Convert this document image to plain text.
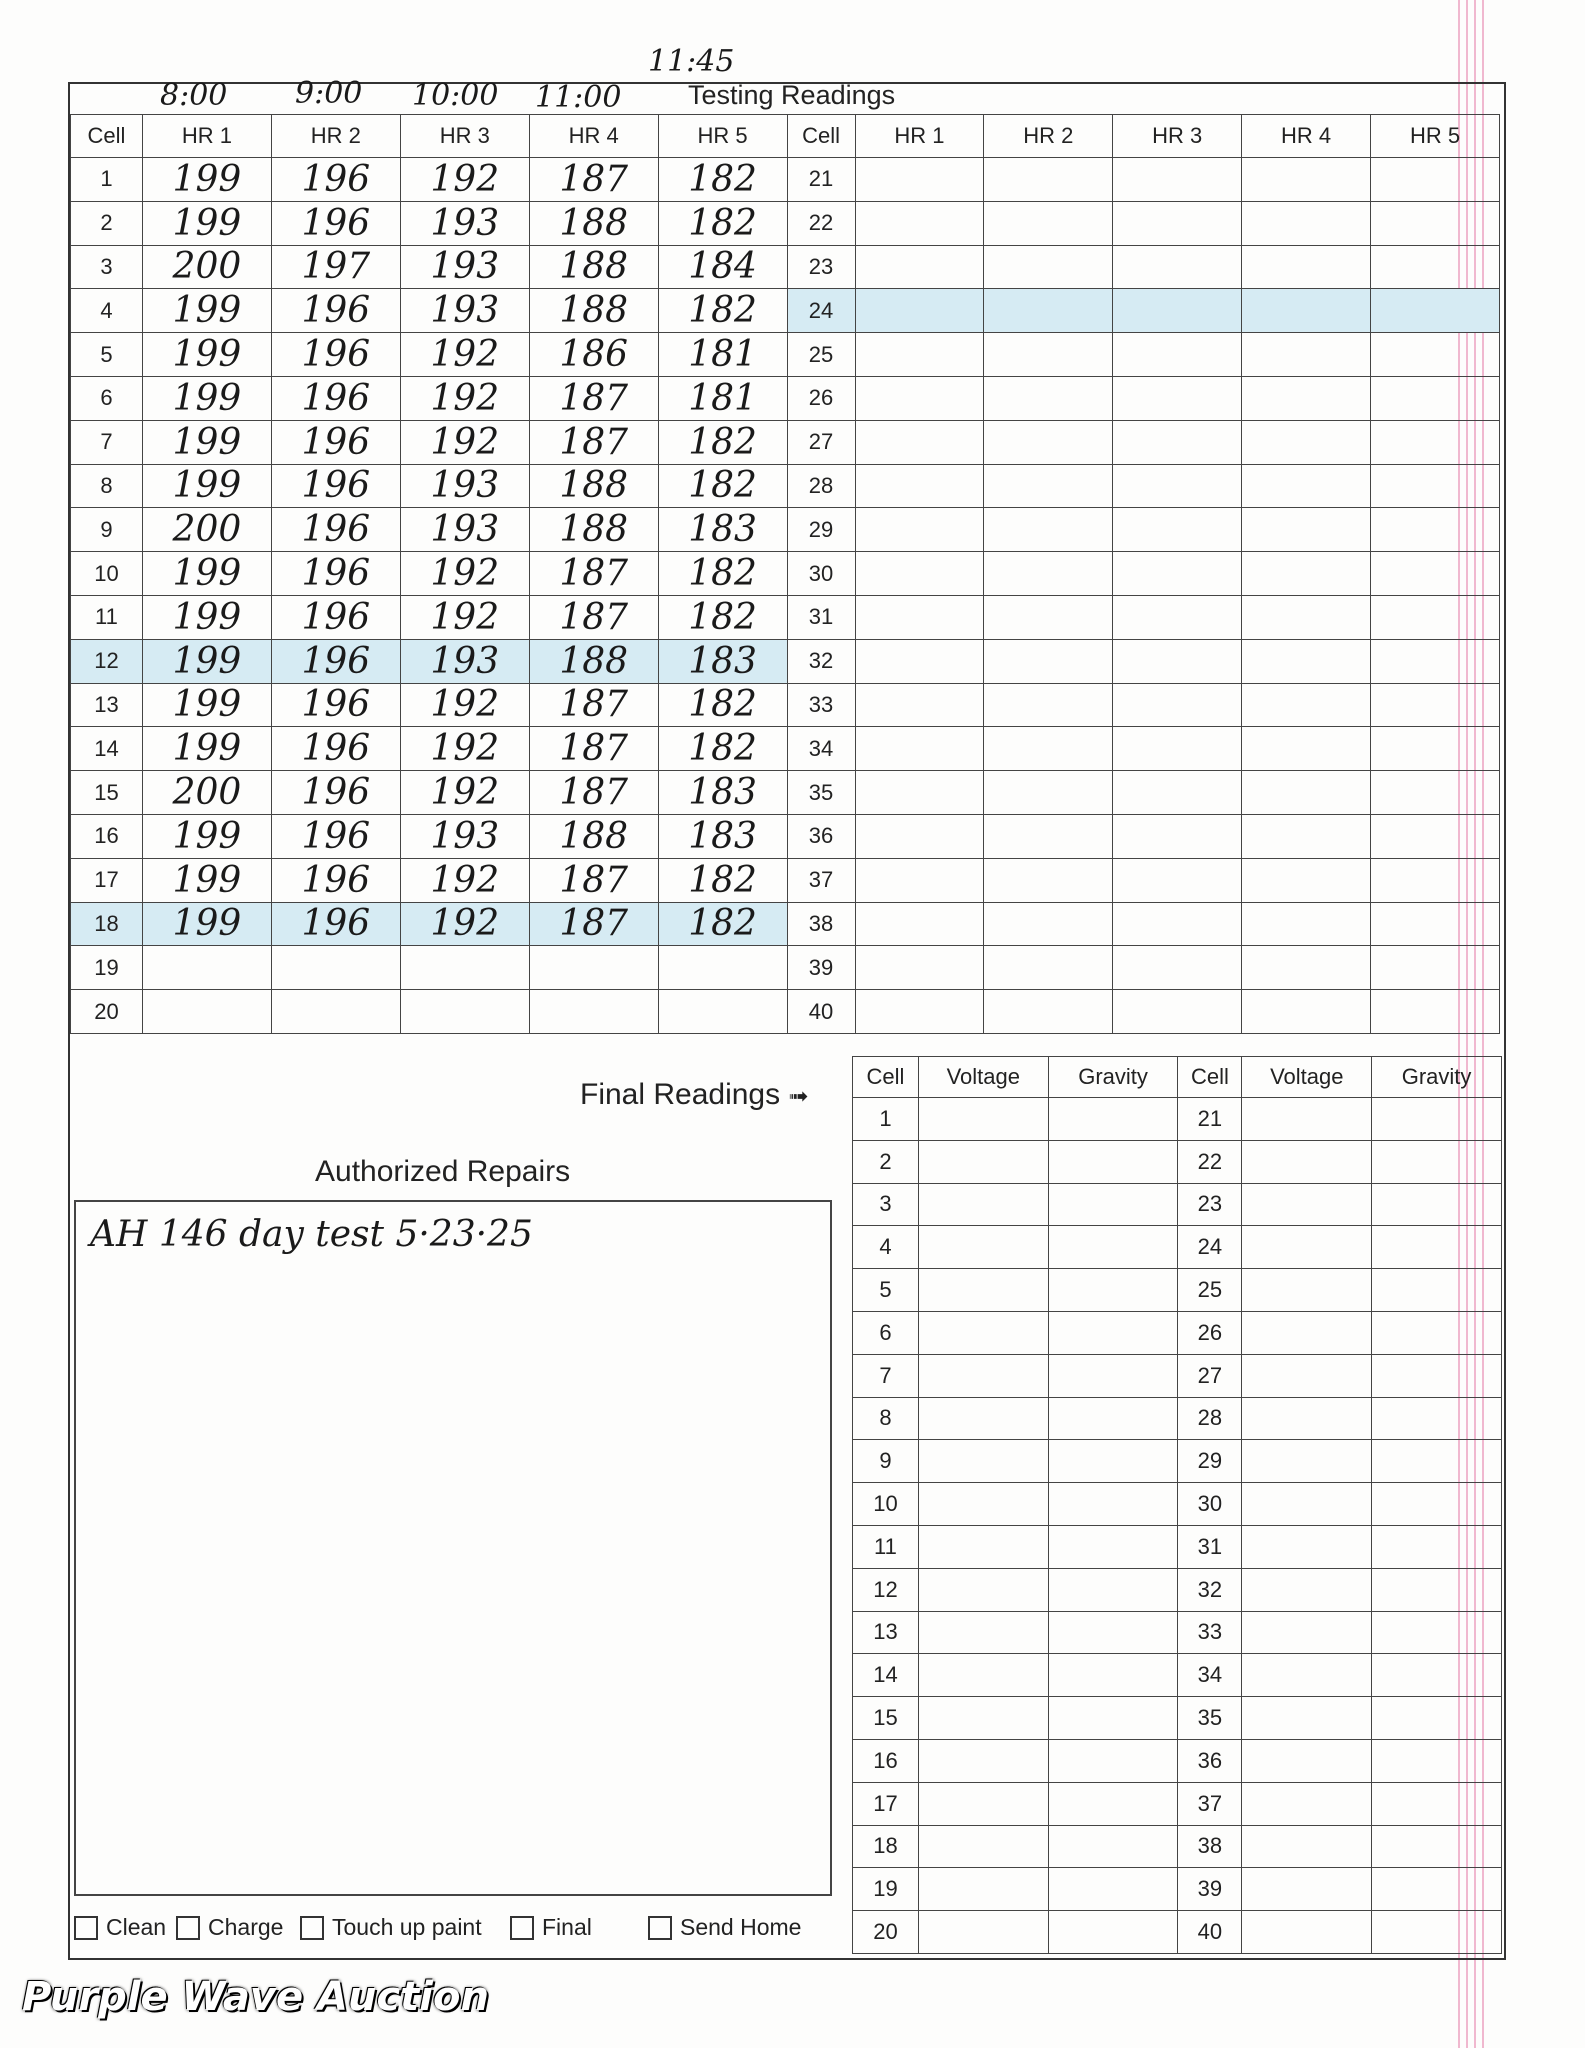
Testing Readings
8:00 9:00 10:00 11:00
11:45
Cell	HR 1	HR 2	HR 3	HR 4	HR 5	Cell	HR 1	HR 2	HR 3	HR 4	HR 5
1	199	196	192	187	182	21					
2	199	196	193	188	182	22					
3	200	197	193	188	184	23					
4	199	196	193	188	182	24					
5	199	196	192	186	181	25					
6	199	196	192	187	181	26					
7	199	196	192	187	182	27					
8	199	196	193	188	182	28					
9	200	196	193	188	183	29					
10	199	196	192	187	182	30					
11	199	196	192	187	182	31					
12	199	196	193	188	183	32					
13	199	196	192	187	182	33					
14	199	196	192	187	182	34					
15	200	196	192	187	183	35					
16	199	196	193	188	183	36					
17	199	196	192	187	182	37					
18	199	196	192	187	182	38					
19						39					
20						40					
Final Readings ➟
Cell	Voltage	Gravity	Cell	Voltage	Gravity
1			21		
2			22		
3			23		
4			24		
5			25		
6			26		
7			27		
8			28		
9			29		
10			30		
11			31		
12			32		
13			33		
14			34		
15			35		
16			36		
17			37		
18			38		
19			39		
20			40		
Authorized Repairs
AH 146 day test 5·23·25
Clean Charge Touch up paint	Final	Send Home
Purple Wave Auction
